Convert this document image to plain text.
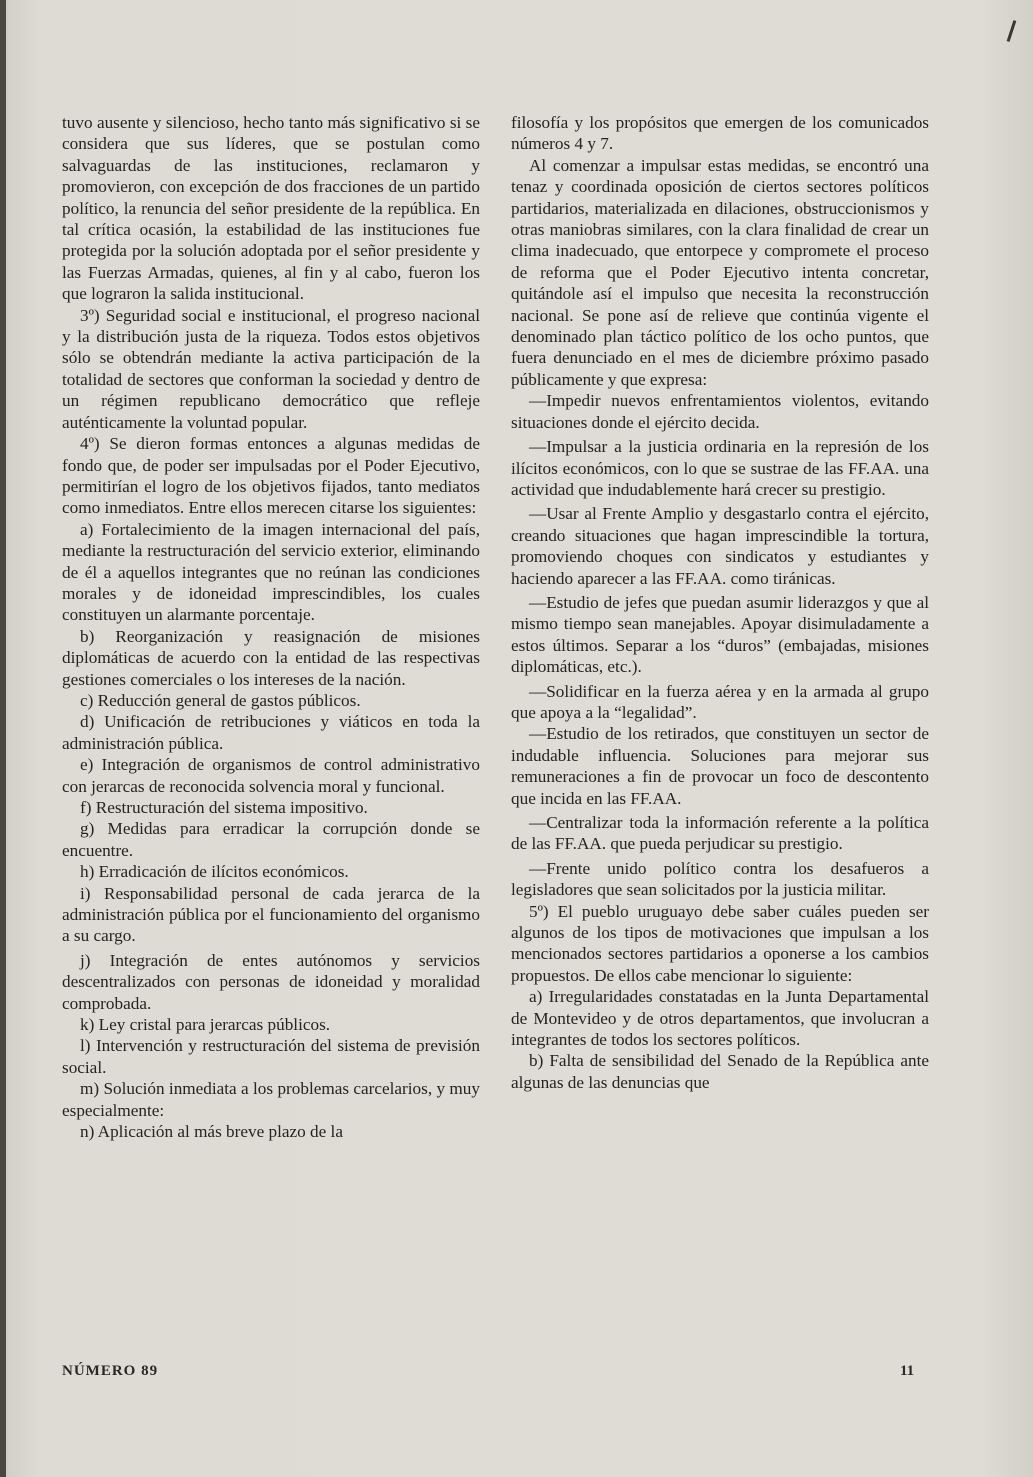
tuvo ausente y silencioso, hecho tanto más significativo si se considera que sus líderes, que se postulan como salvaguardas de las instituciones, reclamaron y promovieron, con excepción de dos fracciones de un partido político, la renuncia del señor presidente de la república. En tal crítica ocasión, la estabilidad de las instituciones fue protegida por la solución adoptada por el señor presidente y las Fuerzas Armadas, quienes, al fin y al cabo, fueron los que lograron la salida institucional.

3º) Seguridad social e institucional, el progreso nacional y la distribución justa de la riqueza. Todos estos objetivos sólo se obtendrán mediante la activa participación de la totalidad de sectores que conforman la sociedad y dentro de un régimen republicano democrático que refleje auténticamente la voluntad popular.

4º) Se dieron formas entonces a algunas medidas de fondo que, de poder ser impulsadas por el Poder Ejecutivo, permitirían el logro de los objetivos fijados, tanto mediatos como inmediatos. Entre ellos merecen citarse los siguientes:

a) Fortalecimiento de la imagen internacional del país, mediante la restructuración del servicio exterior, eliminando de él a aquellos integrantes que no reúnan las condiciones morales y de idoneidad imprescindibles, los cuales constituyen un alarmante porcentaje.

b) Reorganización y reasignación de misiones diplomáticas de acuerdo con la entidad de las respectivas gestiones comerciales o los intereses de la nación.

c) Reducción general de gastos públicos.

d) Unificación de retribuciones y viáticos en toda la administración pública.

e) Integración de organismos de control administrativo con jerarcas de reconocida solvencia moral y funcional.

f) Restructuración del sistema impositivo.

g) Medidas para erradicar la corrupción donde se encuentre.

h) Erradicación de ilícitos económicos.

i) Responsabilidad personal de cada jerarca de la administración pública por el funcionamiento del organismo a su cargo.

j) Integración de entes autónomos y servicios descentralizados con personas de idoneidad y moralidad comprobada.

k) Ley cristal para jerarcas públicos.

l) Intervención y restructuración del sistema de previsión social.

m) Solución inmediata a los problemas carcelarios, y muy especialmente:

n) Aplicación al más breve plazo de la

filosofía y los propósitos que emergen de los comunicados números 4 y 7.

Al comenzar a impulsar estas medidas, se encontró una tenaz y coordinada oposición de ciertos sectores políticos partidarios, materializada en dilaciones, obstruccionismos y otras maniobras similares, con la clara finalidad de crear un clima inadecuado, que entorpece y compromete el proceso de reforma que el Poder Ejecutivo intenta concretar, quitándole así el impulso que necesita la reconstrucción nacional. Se pone así de relieve que continúa vigente el denominado plan táctico político de los ocho puntos, que fuera denunciado en el mes de diciembre próximo pasado públicamente y que expresa:

—Impedir nuevos enfrentamientos violentos, evitando situaciones donde el ejército decida.

—Impulsar a la justicia ordinaria en la represión de los ilícitos económicos, con lo que se sustrae de las FF.AA. una actividad que indudablemente hará crecer su prestigio.

—Usar al Frente Amplio y desgastarlo contra el ejército, creando situaciones que hagan imprescindible la tortura, promoviendo choques con sindicatos y estudiantes y haciendo aparecer a las FF.AA. como tiránicas.

—Estudio de jefes que puedan asumir liderazgos y que al mismo tiempo sean manejables. Apoyar disimuladamente a estos últimos. Separar a los “duros” (embajadas, misiones diplomáticas, etc.).

—Solidificar en la fuerza aérea y en la armada al grupo que apoya a la “legalidad”.

—Estudio de los retirados, que constituyen un sector de indudable influencia. Soluciones para mejorar sus remuneraciones a fin de provocar un foco de descontento que incida en las FF.AA.

—Centralizar toda la información referente a la política de las FF.AA. que pueda perjudicar su prestigio.

—Frente unido político contra los desafueros a legisladores que sean solicitados por la justicia militar.

5º) El pueblo uruguayo debe saber cuáles pueden ser algunos de los tipos de motivaciones que impulsan a los mencionados sectores partidarios a oponerse a los cambios propuestos. De ellos cabe mencionar lo siguiente:

a) Irregularidades constatadas en la Junta Departamental de Montevideo y de otros departamentos, que involucran a integrantes de todos los sectores políticos.

b) Falta de sensibilidad del Senado de la República ante algunas de las denuncias que

NÚMERO 89	11
